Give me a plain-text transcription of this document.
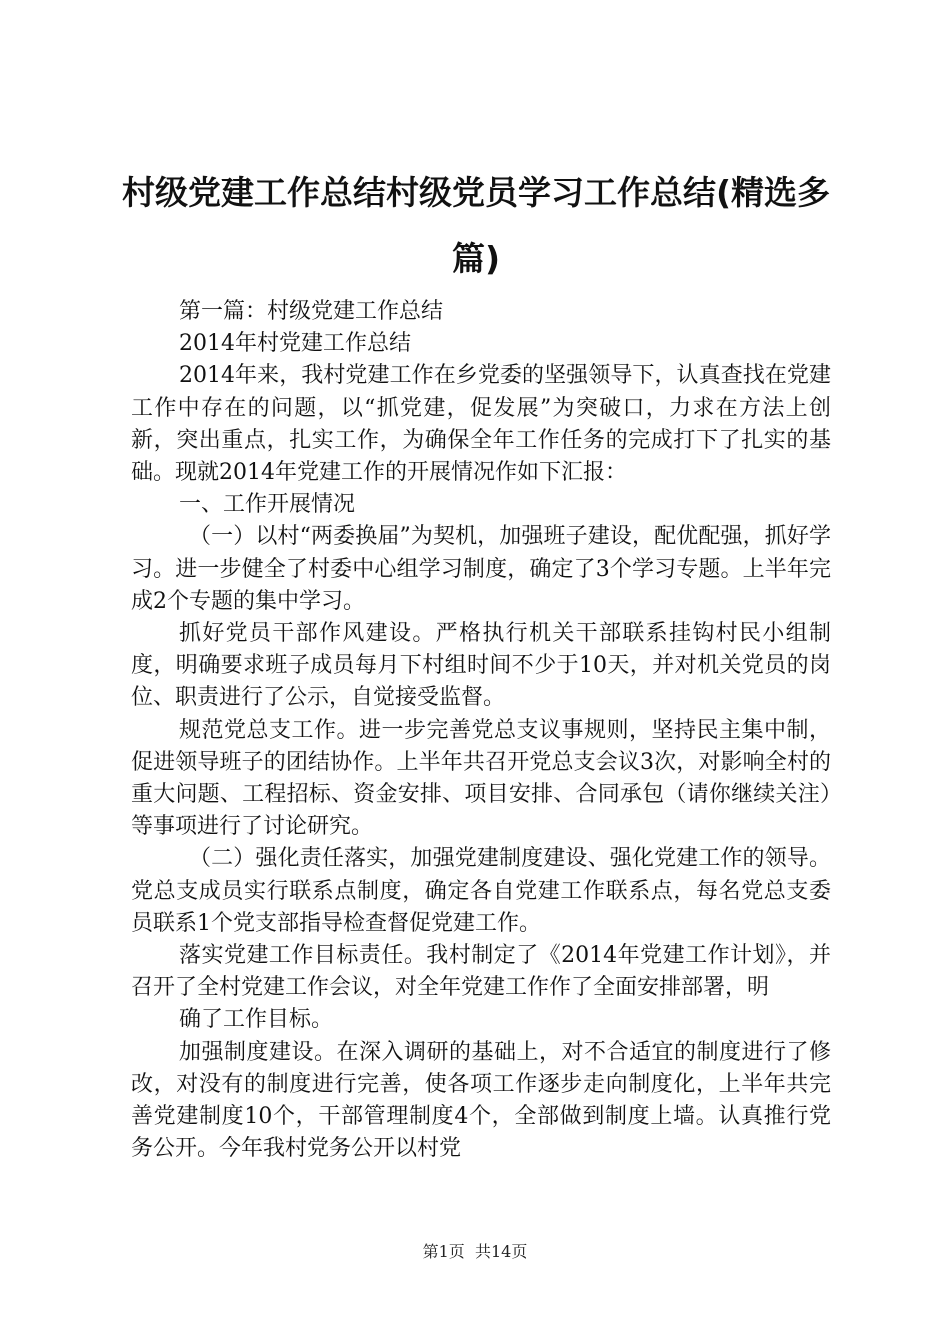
村级党建工作总结村级党员学习工作总结(精选多篇)

第一篇：村级党建工作总结

2014年村党建工作总结

2014年来，我村党建工作在乡党委的坚强领导下，认真查找在党建工作中存在的问题，以“抓党建，促发展”为突破口，力求在方法上创新，突出重点，扎实工作，为确保全年工作任务的完成打下了扎实的基础。现就2014年党建工作的开展情况作如下汇报：

一、工作开展情况

（一）以村“两委换届”为契机，加强班子建设，配优配强，抓好学习。进一步健全了村委中心组学习制度，确定了3个学习专题。上半年完成2个专题的集中学习。

抓好党员干部作风建设。严格执行机关干部联系挂钩村民小组制度，明确要求班子成员每月下村组时间不少于10天，并对机关党员的岗位、职责进行了公示，自觉接受监督。

规范党总支工作。进一步完善党总支议事规则，坚持民主集中制，促进领导班子的团结协作。上半年共召开党总支会议3次，对影响全村的重大问题、工程招标、资金安排、项目安排、合同承包（请你继续关注）等事项进行了讨论研究。

（二）强化责任落实，加强党建制度建设、强化党建工作的领导。党总支成员实行联系点制度，确定各自党建工作联系点，每名党总支委员联系1个党支部指导检查督促党建工作。

落实党建工作目标责任。我村制定了《2014年党建工作计划》，并召开了全村党建工作会议，对全年党建工作作了全面安排部署，明

确了工作目标。

加强制度建设。在深入调研的基础上，对不合适宜的制度进行了修改，对没有的制度进行完善，使各项工作逐步走向制度化，上半年共完善党建制度10个，干部管理制度4个，全部做到制度上墙。认真推行党务公开。今年我村党务公开以村党

第1页 共14页
